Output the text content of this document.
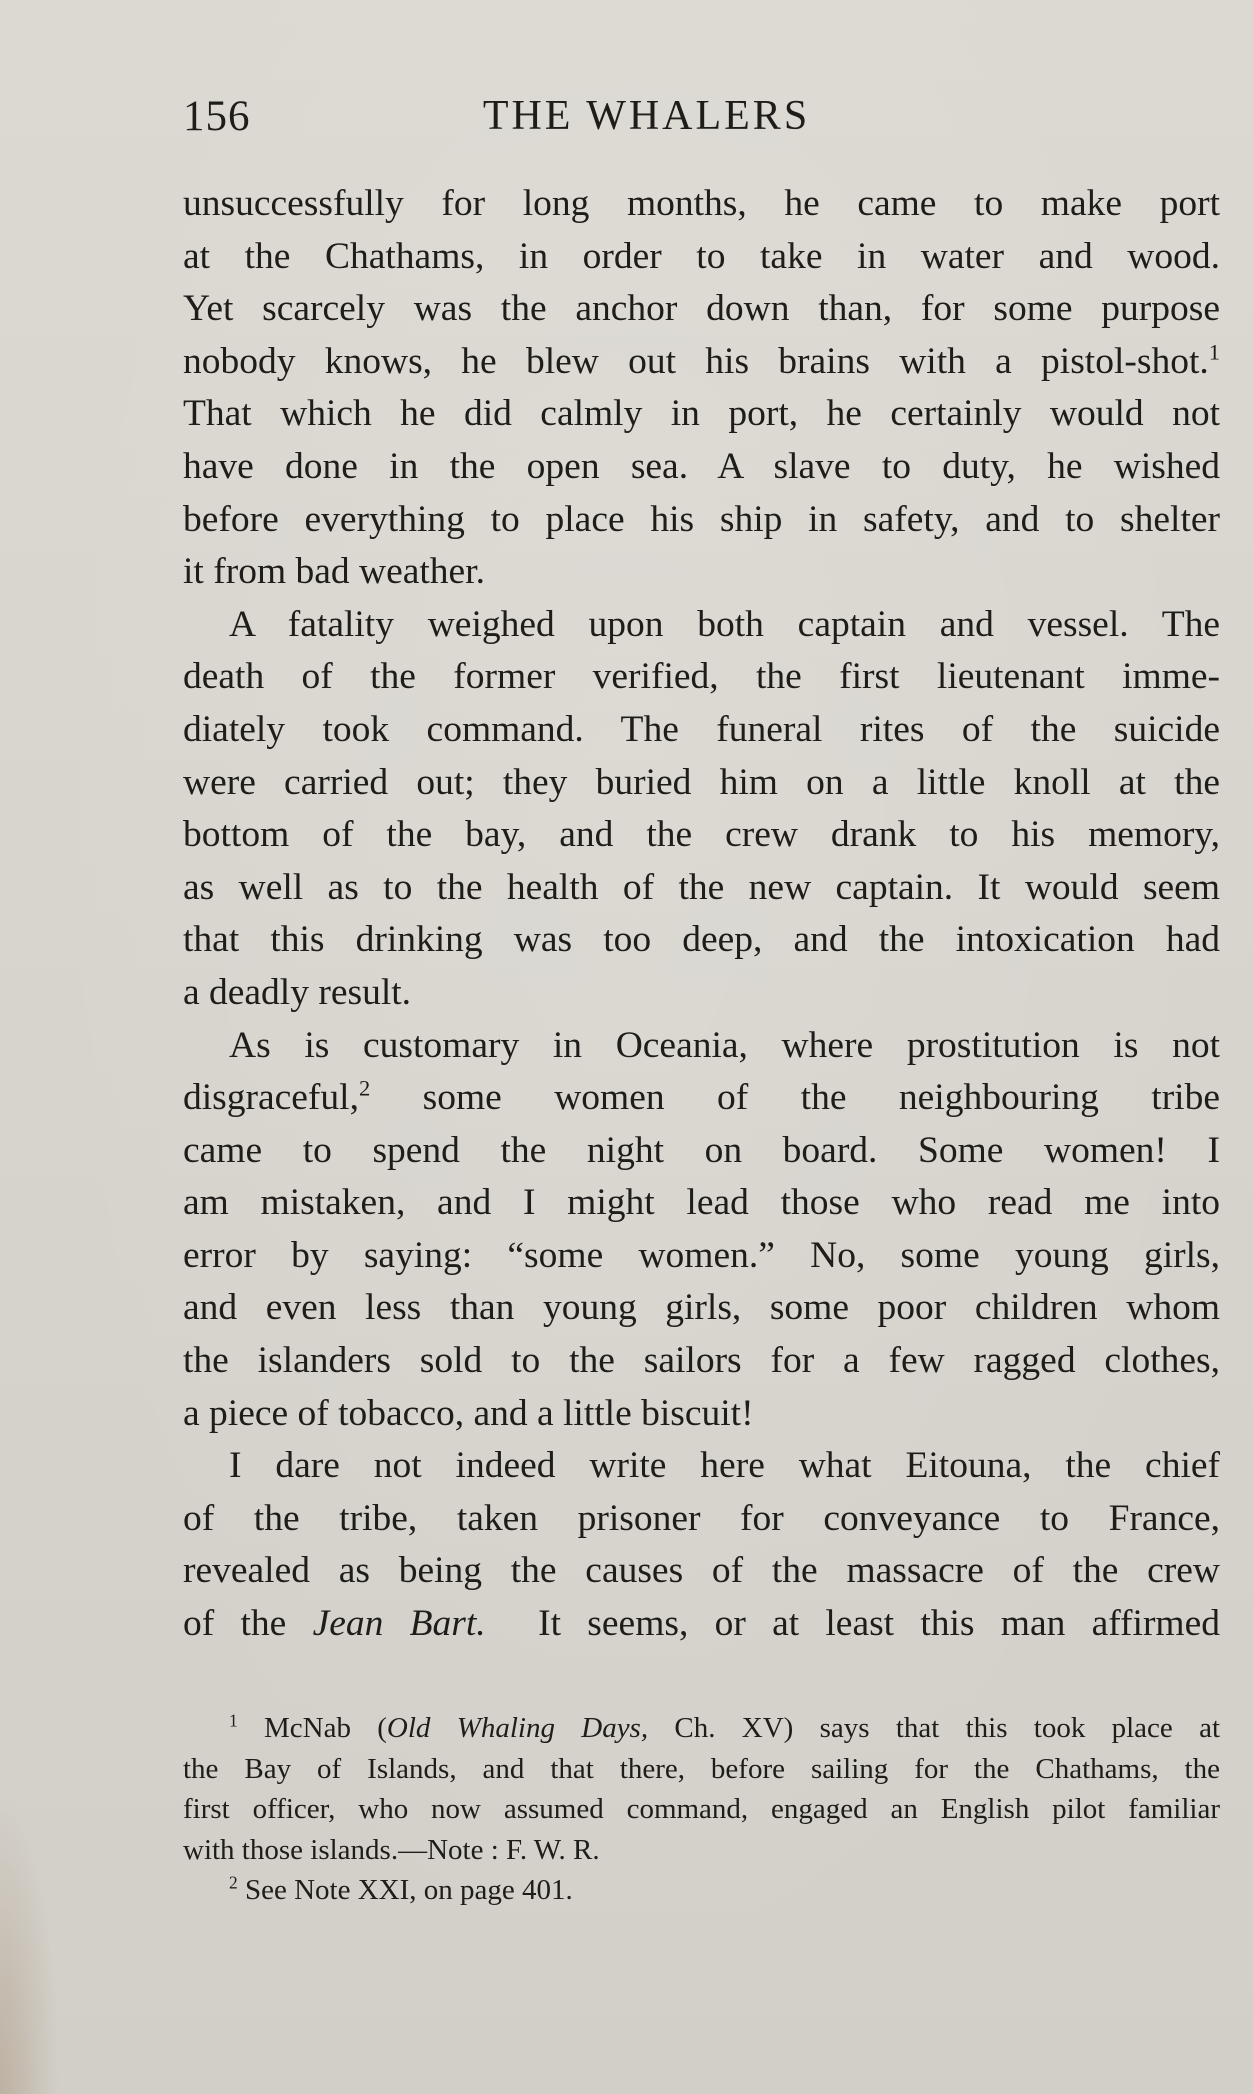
156	THE WHALERS
unsuccessfully for long months, he came to make port
at the Chathams, in order to take in water and wood.
Yet scarcely was the anchor down than, for some purpose
nobody knows, he blew out his brains with a pistol-shot.$^1$
That which he did calmly in port, he certainly would not
have done in the open sea. A slave to duty, he wished
before everything to place his ship in safety, and to shelter
it from bad weather.
A fatality weighed upon both captain and vessel. The
death of the former verified, the first lieutenant imme-
diately took command. The funeral rites of the suicide
were carried out; they buried him on a little knoll at the
bottom of the bay, and the crew drank to his memory,
as well as to the health of the new captain. It would seem
that this drinking was too deep, and the intoxication had
a deadly result.
As is customary in Oceania, where prostitution is not
disgraceful,$^2$ some women of the neighbouring tribe
came to spend the night on board. Some women! I
am mistaken, and I might lead those who read me into
error by saying: “some women.” No, some young girls,
and even less than young girls, some poor children whom
the islanders sold to the sailors for a few ragged clothes,
a piece of tobacco, and a little biscuit!
I dare not indeed write here what Eitouna, the chief
of the tribe, taken prisoner for conveyance to France,
revealed as being the causes of the massacre of the crew
of the Jean Bart. It seems, or at least this man affirmed
$^1$ McNab (Old Whaling Days, Ch. XV) says that this took place at
the Bay of Islands, and that there, before sailing for the Chathams, the
first officer, who now assumed command, engaged an English pilot familiar
with those islands.—Note : F. W. R.
$^2$ See Note XXI, on page 401.
